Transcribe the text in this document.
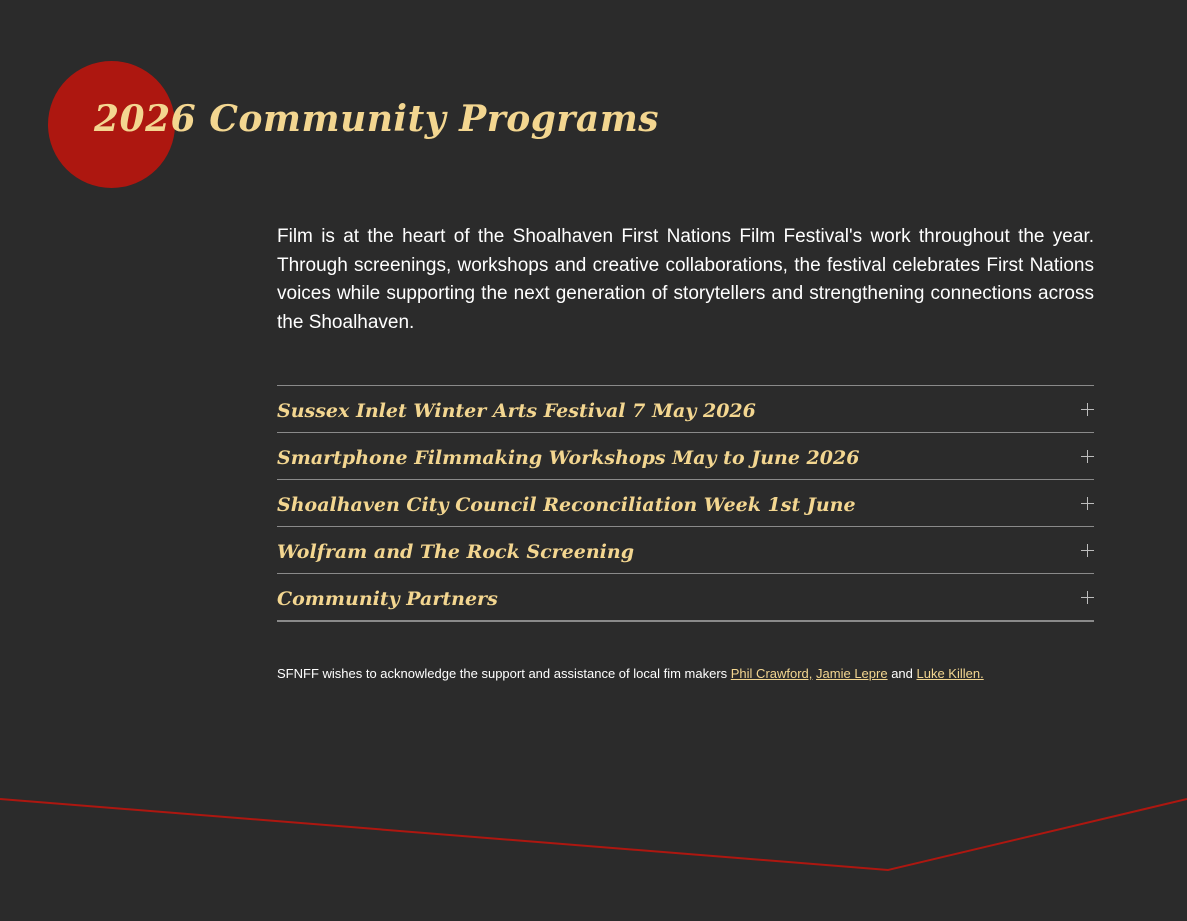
2026 Community Programs

Film is at the heart of the Shoalhaven First Nations Film Festival's work throughout the year. Through screenings, workshops and creative collaborations, the festival celebrates First Nations voices while supporting the next generation of storytellers and strengthening connections across the Shoalhaven.

Sussex Inlet Winter Arts Festival 7 May 2026
Smartphone Filmmaking Workshops May to June 2026
Shoalhaven City Council Reconciliation Week 1st June
Wolfram and The Rock Screening
Community Partners

SFNFF wishes to acknowledge the support and assistance of local fim makers Phil Crawford, Jamie Lepre and Luke Killen.
